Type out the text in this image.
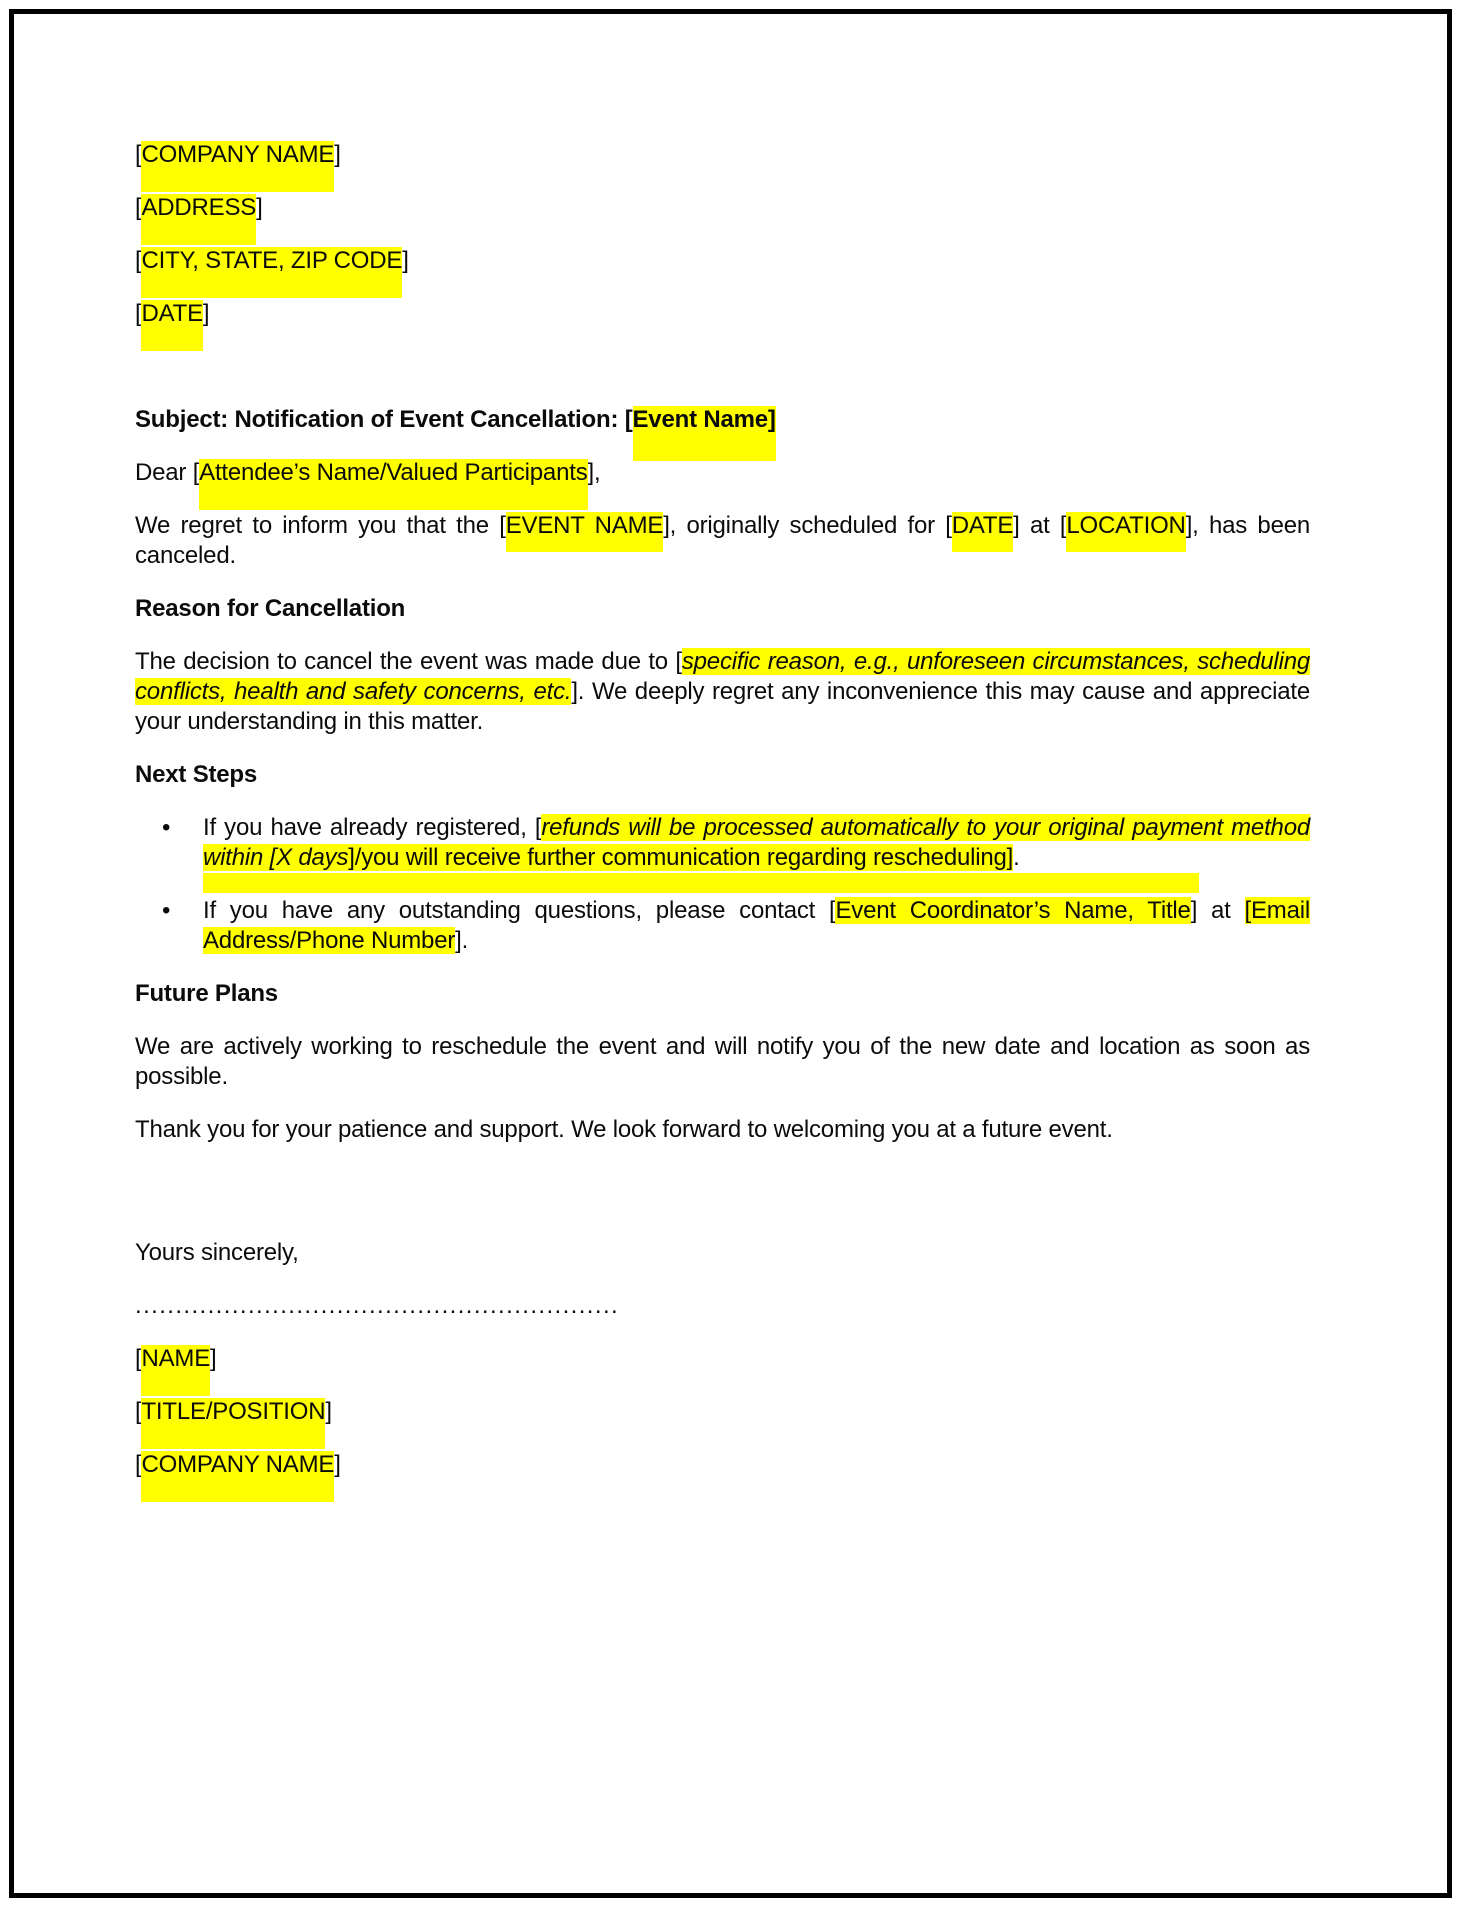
[COMPANY NAME]

[ADDRESS]

[CITY, STATE, ZIP CODE]

[DATE]

Subject: Notification of Event Cancellation: [Event Name]

Dear [Attendee’s Name/Valued Participants],

We regret to inform you that the [EVENT NAME], originally scheduled for [DATE] at [LOCATION], has been canceled.

Reason for Cancellation

The decision to cancel the event was made due to [specific reason, e.g., unforeseen circumstances, scheduling conflicts, health and safety concerns, etc.]. We deeply regret any inconvenience this may cause and appreciate your understanding in this matter.

Next Steps

•	If you have already registered, [refunds will be processed automatically to your original payment method within [X days]/you will receive further communication regarding rescheduling].
•	If you have any outstanding questions, please contact [Event Coordinator’s Name, Title] at [Email Address/Phone Number].

Future Plans

We are actively working to reschedule the event and will notify you of the new date and location as soon as possible.

Thank you for your patience and support. We look forward to welcoming you at a future event.

Yours sincerely,

............................................................

[NAME]

[TITLE/POSITION]

[COMPANY NAME]
